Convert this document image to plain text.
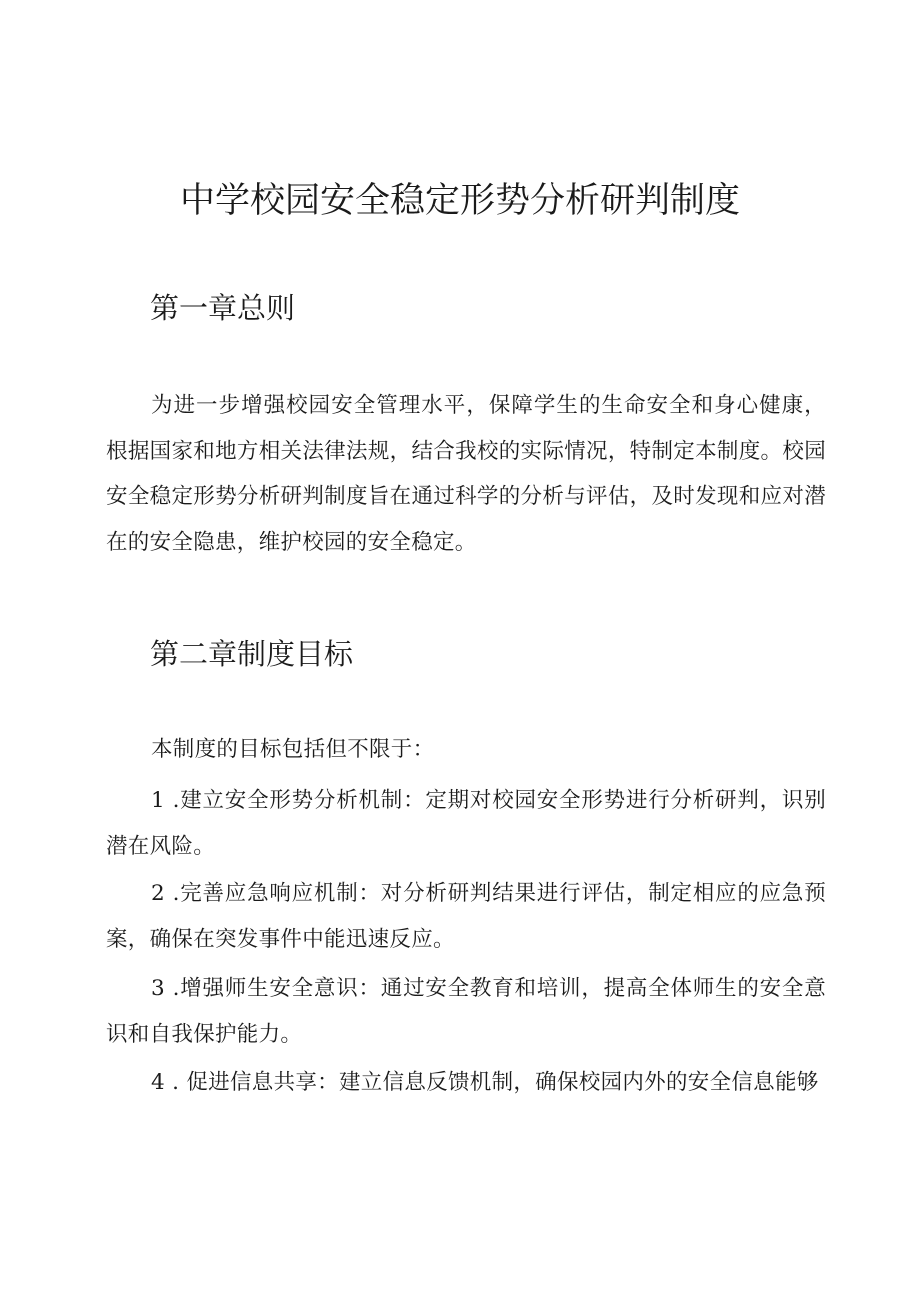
中学校园安全稳定形势分析研判制度
第一章总则

为进一步增强校园安全管理水平，保障学生的生命安全和身心健康，根据国家和地方相关法律法规，结合我校的实际情况，特制定本制度。校园安全稳定形势分析研判制度旨在通过科学的分析与评估，及时发现和应对潜在的安全隐患，维护校园的安全稳定。

第二章制度目标

本制度的目标包括但不限于：

1 .建立安全形势分析机制：定期对校园安全形势进行分析研判，识别潜在风险。

2 .完善应急响应机制：对分析研判结果进行评估，制定相应的应急预案，确保在突发事件中能迅速反应。

3 .增强师生安全意识：通过安全教育和培训，提高全体师生的安全意识和自我保护能力。

4 . 促进信息共享：建立信息反馈机制，确保校园内外的安全信息能够
